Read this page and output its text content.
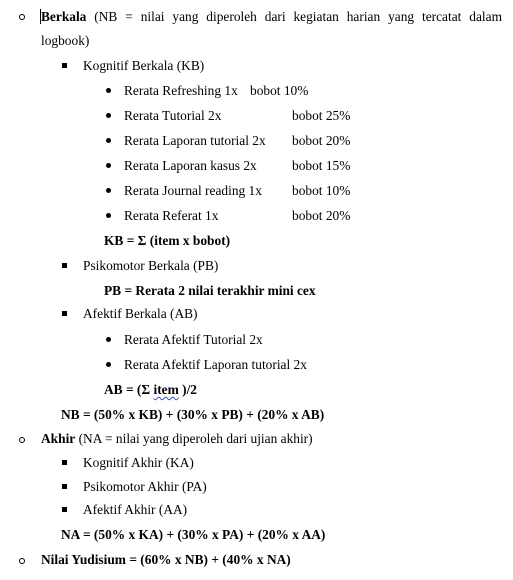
Berkala (NB = nilai yang diperoleh dari kegiatan harian yang tercatat dalam
logbook)
Kognitif Berkala (KB)
Rerata Refreshing 1x bobot 10%
Rerata Tutorial 2x	bobot 25%
Rerata Laporan tutorial 2x bobot 20%
Rerata Laporan kasus 2x	bobot 15%
Rerata Journal reading 1x bobot 10%
Rerata Referat 1x	bobot 20%
KB = Σ (item x bobot)
Psikomotor Berkala (PB)
PB = Rerata 2 nilai terakhir mini cex
Afektif Berkala (AB)
Rerata Afektif Tutorial 2x
Rerata Afektif Laporan tutorial 2x
AB = (Σ item )/2
NB = (50% x KB) + (30% x PB) + (20% x AB)
Akhir (NA = nilai yang diperoleh dari ujian akhir)
Kognitif Akhir (KA)
Psikomotor Akhir (PA)
Afektif Akhir (AA)
NA = (50% x KA) + (30% x PA) + (20% x AA)
Nilai Yudisium = (60% x NB) + (40% x NA)
